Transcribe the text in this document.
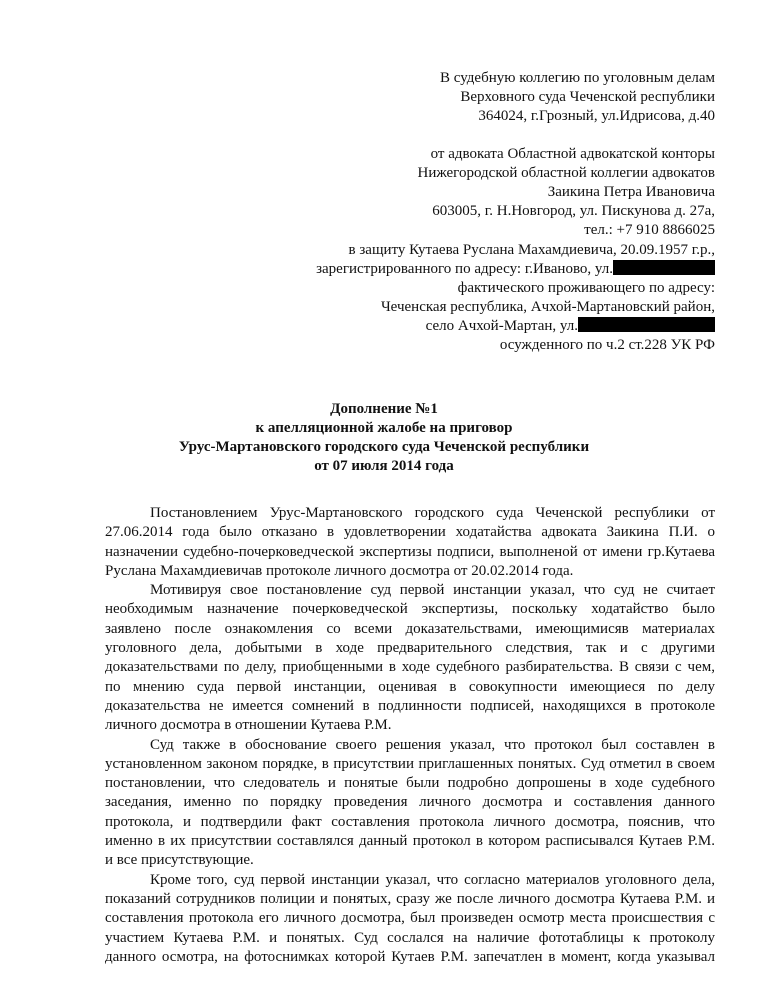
В судебную коллегию по уголовным делам
Верховного суда Чеченской республики
364024, г.Грозный, ул.Идрисова, д.40
от адвоката Областной адвокатской конторы
Нижегородской областной коллегии адвокатов
Заикина Петра Ивановича
603005, г. Н.Новгород, ул. Пискунова д. 27а,
тел.: +7 910 8866025
в защиту Кутаева Руслана Махамдиевича, 20.09.1957 г.р.,
зарегистрированного по адресу: г.Иваново, ул.
фактического проживающего по адресу:
Чеченская республика, Ачхой-Мартановский район,
село Ачхой-Мартан, ул.
осужденного по ч.2 ст.228 УК РФ
Дополнение №1
к апелляционной жалобе на приговор
Урус-Мартановского городского суда Чеченской республики
от 07 июля 2014 года
Постановлением Урус-Мартановского городского суда Чеченской республики от
27.06.2014 года было отказано в удовлетворении ходатайства адвоката Заикина П.И. о
назначении судебно-почерковедческой экспертизы подписи, выполненой от имени гр.Кутаева
Руслана Махамдиевичав протоколе личного досмотра от 20.02.2014 года.
Мотивируя свое постановление суд первой инстанции указал, что суд не считает
необходимым назначение почерковедческой экспертизы, поскольку ходатайство было
заявлено после ознакомления со всеми доказательствами, имеющимисяв материалах
уголовного дела, добытыми в ходе предварительного следствия, так и с другими
доказательствами по делу, приобщенными в ходе судебного разбирательства. В связи с чем,
по мнению суда первой инстанции, оценивая в совокупности имеющиеся по делу
доказательства не имеется сомнений в подлинности подписей, находящихся в протоколе
личного досмотра в отношении Кутаева Р.М.
Суд также в обоснование своего решения указал, что протокол был составлен в
установленном законом порядке, в присутствии приглашенных понятых. Суд отметил в своем
постановлении, что следователь и понятые были подробно допрошены в ходе судебного
заседания, именно по порядку проведения личного досмотра и составления данного
протокола, и подтвердили факт составления протокола личного досмотра, пояснив, что
именно в их присутствии составлялся данный протокол в котором расписывался Кутаев Р.М.
и все присутствующие.
Кроме того, суд первой инстанции указал, что согласно материалов уголовного дела,
показаний сотрудников полиции и понятых, сразу же после личного досмотра Кутаева Р.М. и
составления протокола его личного досмотра, был произведен осмотр места происшествия с
участием Кутаева Р.М. и понятых. Суд сослался на наличие фототаблицы к протоколу
данного осмотра, на фотоснимках которой Кутаев Р.М. запечатлен в момент, когда указывал
